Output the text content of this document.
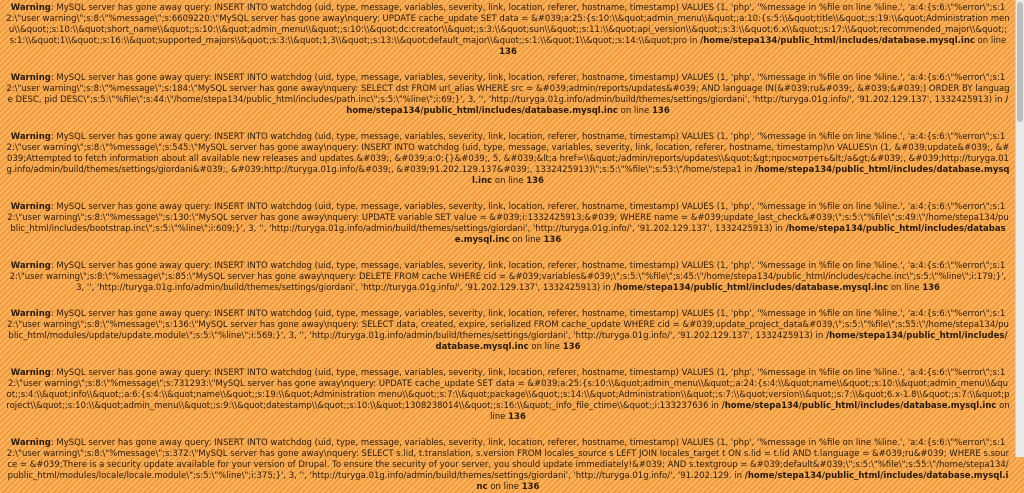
Warning: MySQL server has gone away query: INSERT INTO watchdog (uid, type, message, variables, severity, link, location, referer, hostname, timestamp) VALUES (1, 'php', '%message in %file on line %line.', 'a:4:{s:6:\"%error\";s:12:\"user warning\";s:8:\"%message\";s:6609220:\"MySQL server has gone away\nquery: UPDATE cache_update SET data = &#039;a:25:{s:10:\\&quot;admin_menu\\&quot;;a:10:{s:5:\\&quot;title\\&quot;;s:19:\\&quot;Administration menu\\&quot;;s:10:\\&quot;short_name\\&quot;;s:10:\\&quot;admin_menu\\&quot;;s:10:\\&quot;dc:creator\\&quot;;s:3:\\&quot;sun\\&quot;;s:11:\\&quot;api_version\\&quot;;s:3:\\&quot;6.x\\&quot;;s:17:\\&quot;recommended_major\\&quot;;s:1:\\&quot;1\\&quot;;s:16:\\&quot;supported_majors\\&quot;;s:3:\\&quot;1,3\\&quot;;s:13:\\&quot;default_major\\&quot;;s:1:\\&quot;1\\&quot;;s:14:\\&quot;pro in /home/stepa134/public_html/includes/database.mysql.inc on line 136
Warning: MySQL server has gone away query: INSERT INTO watchdog (uid, type, message, variables, severity, link, location, referer, hostname, timestamp) VALUES (1, 'php', '%message in %file on line %line.', 'a:4:{s:6:\"%error\";s:12:\"user warning\";s:8:\"%message\";s:184:\"MySQL server has gone away\nquery: SELECT dst FROM url_alias WHERE src = &#039;admin/reports/updates&#039; AND language IN(&#039;ru&#039;, &#039;&#039;) ORDER BY language DESC, pid DESC\";s:5:\"%file\";s:44:\"/home/stepa134/public_html/includes/path.inc\";s:5:\"%line\";i:69;}', 3, '', 'http://turyga.01g.info/admin/build/themes/settings/giordani', 'http://turyga.01g.info/', '91.202.129.137', 1332425913) in /home/stepa134/public_html/includes/database.mysql.inc on line 136
Warning: MySQL server has gone away query: INSERT INTO watchdog (uid, type, message, variables, severity, link, location, referer, hostname, timestamp) VALUES (1, 'php', '%message in %file on line %line.', 'a:4:{s:6:\"%error\";s:12:\"user warning\";s:8:\"%message\";s:545:\"MySQL server has gone away\nquery: INSERT INTO watchdog (uid, type, message, variables, severity, link, location, referer, hostname, timestamp)\n VALUES\n (1, &#039;update&#039;, &#039;Attempted to fetch information about all available new releases and updates.&#039;, &#039;a:0:{}&#039;, 5, &#039;&lt;a href=\\&quot;/admin/reports/updates\\&quot;&gt;просмотреть&lt;/a&gt;&#039;, &#039;http://turyga.01g.info/admin/build/themes/settings/giordani&#039;, &#039;http://turyga.01g.info/&#039;, &#039;91.202.129.137&#039;, 1332425913)\";s:5:\"%file\";s:53:\"/home/stepa1 in /home/stepa134/public_html/includes/database.mysql.inc on line 136
Warning: MySQL server has gone away query: INSERT INTO watchdog (uid, type, message, variables, severity, link, location, referer, hostname, timestamp) VALUES (1, 'php', '%message in %file on line %line.', 'a:4:{s:6:\"%error\";s:12:\"user warning\";s:8:\"%message\";s:130:\"MySQL server has gone away\nquery: UPDATE variable SET value = &#039;i:1332425913;&#039; WHERE name = &#039;update_last_check&#039;\";s:5:\"%file\";s:49:\"/home/stepa134/public_html/includes/bootstrap.inc\";s:5:\"%line\";i:609;}', 3, '', 'http://turyga.01g.info/admin/build/themes/settings/giordani', 'http://turyga.01g.info/', '91.202.129.137', 1332425913) in /home/stepa134/public_html/includes/database.mysql.inc on line 136
Warning: MySQL server has gone away query: INSERT INTO watchdog (uid, type, message, variables, severity, link, location, referer, hostname, timestamp) VALUES (1, 'php', '%message in %file on line %line.', 'a:4:{s:6:\"%error\";s:12:\"user warning\";s:8:\"%message\";s:85:\"MySQL server has gone away\nquery: DELETE FROM cache WHERE cid = &#039;variables&#039;\";s:5:\"%file\";s:45:\"/home/stepa134/public_html/includes/cache.inc\";s:5:\"%line\";i:179;}', 3, '', 'http://turyga.01g.info/admin/build/themes/settings/giordani', 'http://turyga.01g.info/', '91.202.129.137', 1332425913) in /home/stepa134/public_html/includes/database.mysql.inc on line 136
Warning: MySQL server has gone away query: INSERT INTO watchdog (uid, type, message, variables, severity, link, location, referer, hostname, timestamp) VALUES (1, 'php', '%message in %file on line %line.', 'a:4:{s:6:\"%error\";s:12:\"user warning\";s:8:\"%message\";s:136:\"MySQL server has gone away\nquery: SELECT data, created, expire, serialized FROM cache_update WHERE cid = &#039;update_project_data&#039;\";s:5:\"%file\";s:55:\"/home/stepa134/public_html/modules/update/update.module\";s:5:\"%line\";i:569;}', 3, '', 'http://turyga.01g.info/admin/build/themes/settings/giordani', 'http://turyga.01g.info/', '91.202.129.137', 1332425913) in /home/stepa134/public_html/includes/database.mysql.inc on line 136
Warning: MySQL server has gone away query: INSERT INTO watchdog (uid, type, message, variables, severity, link, location, referer, hostname, timestamp) VALUES (1, 'php', '%message in %file on line %line.', 'a:4:{s:6:\"%error\";s:12:\"user warning\";s:8:\"%message\";s:731293:\"MySQL server has gone away\nquery: UPDATE cache_update SET data = &#039;a:25:{s:10:\\&quot;admin_menu\\&quot;;a:24:{s:4:\\&quot;name\\&quot;;s:10:\\&quot;admin_menu\\&quot;;s:4:\\&quot;info\\&quot;;a:6:{s:4:\\&quot;name\\&quot;;s:19:\\&quot;Administration menu\\&quot;;s:7:\\&quot;package\\&quot;;s:14:\\&quot;Administration\\&quot;;s:7:\\&quot;version\\&quot;;s:7:\\&quot;6.x-1.8\\&quot;;s:7:\\&quot;project\\&quot;;s:10:\\&quot;admin_menu\\&quot;;s:9:\\&quot;datestamp\\&quot;;s:10:\\&quot;1308238014\\&quot;;s:16:\\&quot;_info_file_ctime\\&quot;;i:133237636 in /home/stepa134/public_html/includes/database.mysql.inc on line 136
Warning: MySQL server has gone away query: INSERT INTO watchdog (uid, type, message, variables, severity, link, location, referer, hostname, timestamp) VALUES (1, 'php', '%message in %file on line %line.', 'a:4:{s:6:\"%error\";s:12:\"user warning\";s:8:\"%message\";s:372:\"MySQL server has gone away\nquery: SELECT s.lid, t.translation, s.version FROM locales_source s LEFT JOIN locales_target t ON s.lid = t.lid AND t.language = &#039;ru&#039; WHERE s.source = &#039;There is a security update available for your version of Drupal. To ensure the security of your server, you should update immediately!&#039; AND s.textgroup = &#039;default&#039;\";s:5:\"%file\";s:55:\"/home/stepa134/public_html/modules/locale/locale.module\";s:5:\"%line\";i:375;}', 3, '', 'http://turyga.01g.info/admin/build/themes/settings/giordani', 'http://turyga.01g.info/', '91.202.129. in /home/stepa134/public_html/includes/database.mysql.inc on line 136
